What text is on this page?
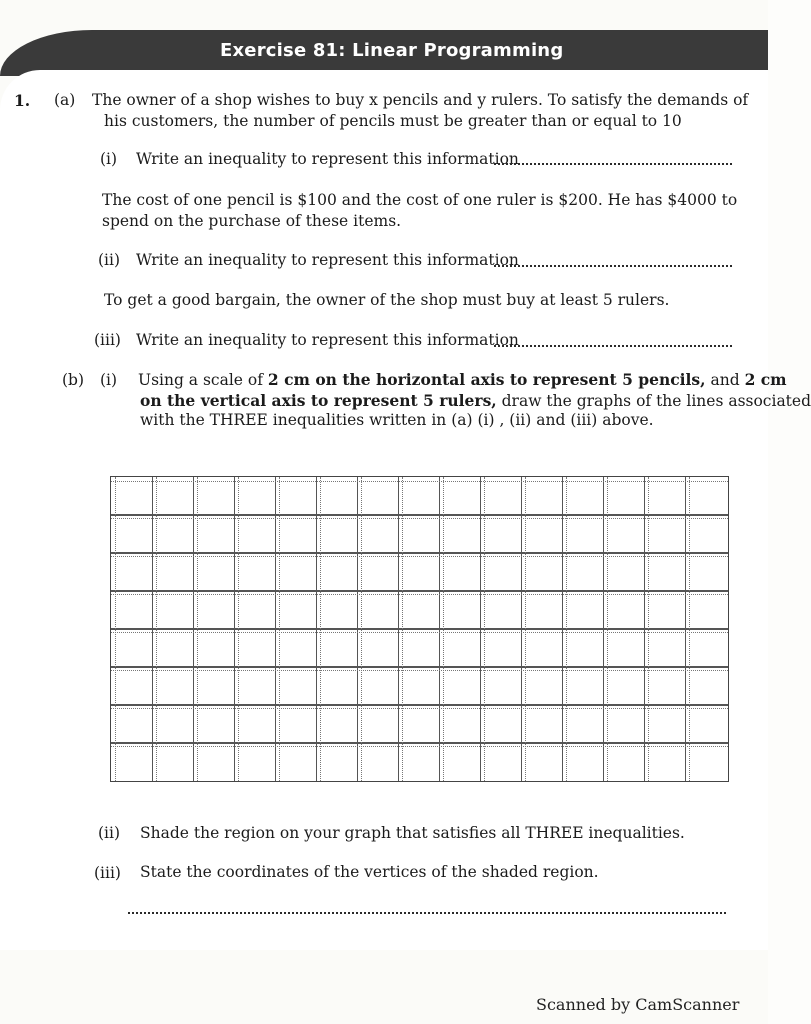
Exercise 81: Linear Programming
1. (a) The owner of a shop wishes to buy x pencils and y rulers. To satisfy the demands of
his customers, the number of pencils must be greater than or equal to 10
(i) Write an inequality to represent this information
The cost of one pencil is $100 and the cost of one ruler is $200. He has $4000 to
spend on the purchase of these items.
(ii) Write an inequality to represent this information
To get a good bargain, the owner of the shop must buy at least 5 rulers.
(iii) Write an inequality to represent this information
(b) (i) Using a scale of 2 cm on the horizontal axis to represent 5 pencils, and 2 cm
on the vertical axis to represent 5 rulers, draw the graphs of the lines associated
with the THREE inequalities written in (a) (i) , (ii) and (iii) above.
(ii) Shade the region on your graph that satisfies all THREE inequalities.
(iii) State the coordinates of the vertices of the shaded region.
Scanned by CamScanner
